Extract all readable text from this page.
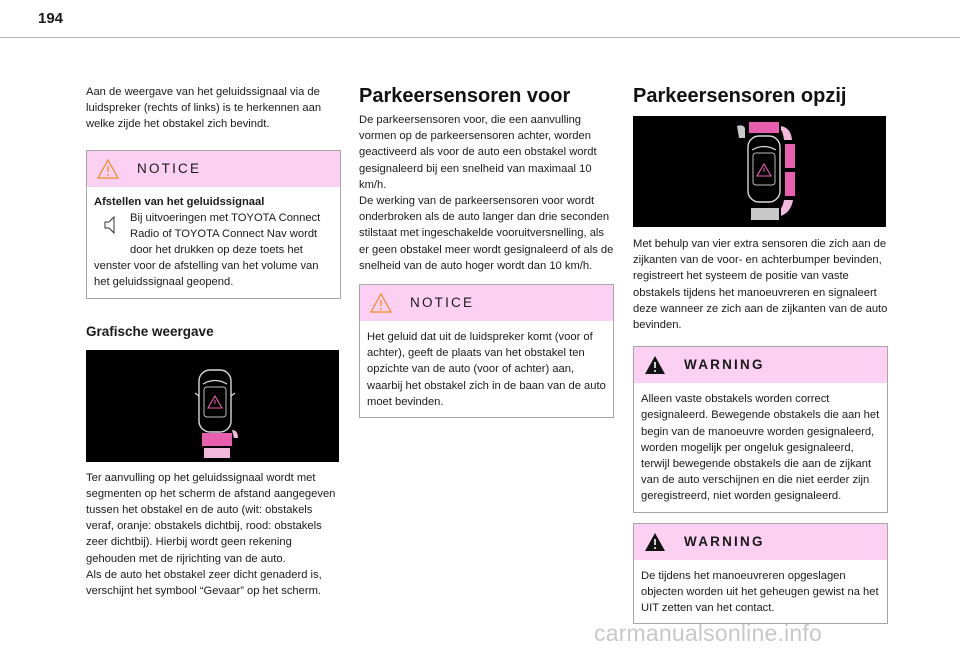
194
Aan de weergave van het geluidssignaal via de luidspreker (rechts of links) is te herkennen aan welke zijde het obstakel zich bevindt.
NOTICE
Afstellen van het geluidssignaal
Bij uitvoeringen met TOYOTA Connect Radio of TOYOTA Connect Nav wordt door het drukken op deze toets het venster voor de afstelling van het volume van het geluidssignaal geopend.
Grafische weergave
Ter aanvulling op het geluidssignaal wordt met segmenten op het scherm de afstand aangegeven tussen het obstakel en de auto (wit: obstakels veraf, oranje: obstakels dichtbij, rood: obstakels zeer dichtbij). Hierbij wordt geen rekening gehouden met de rijrichting van de auto.
Als de auto het obstakel zeer dicht genaderd is, verschijnt het symbool “Gevaar” op het scherm.
Parkeersensoren voor
De parkeersensoren voor, die een aanvulling vormen op de parkeersensoren achter, worden geactiveerd als voor de auto een obstakel wordt gesignaleerd bij een snelheid van maximaal 10 km/h.
De werking van de parkeersensoren voor wordt onderbroken als de auto langer dan drie seconden stilstaat met ingeschakelde vooruitversnelling, als er geen obstakel meer wordt gesignaleerd of als de snelheid van de auto hoger wordt dan 10 km/h.
NOTICE
Het geluid dat uit de luidspreker komt (voor of achter), geeft de plaats van het obstakel ten opzichte van de auto (voor of achter) aan, waarbij het obstakel zich in de baan van de auto moet bevinden.
Parkeersensoren opzij
Met behulp van vier extra sensoren die zich aan de zijkanten van de voor- en achterbumper bevinden, registreert het systeem de positie van vaste obstakels tijdens het manoeuvreren en signaleert deze wanneer ze zich aan de zijkanten van de auto bevinden.
WARNING
Alleen vaste obstakels worden correct gesignaleerd. Bewegende obstakels die aan het begin van de manoeuvre worden gesignaleerd, worden mogelijk per ongeluk gesignaleerd, terwijl bewegende obstakels die aan de zijkant van de auto verschijnen en die niet eerder zijn geregistreerd, niet worden gesignaleerd.
WARNING
De tijdens het manoeuvreren opgeslagen objecten worden uit het geheugen gewist na het UIT zetten van het contact.
carmanualsonline.info
